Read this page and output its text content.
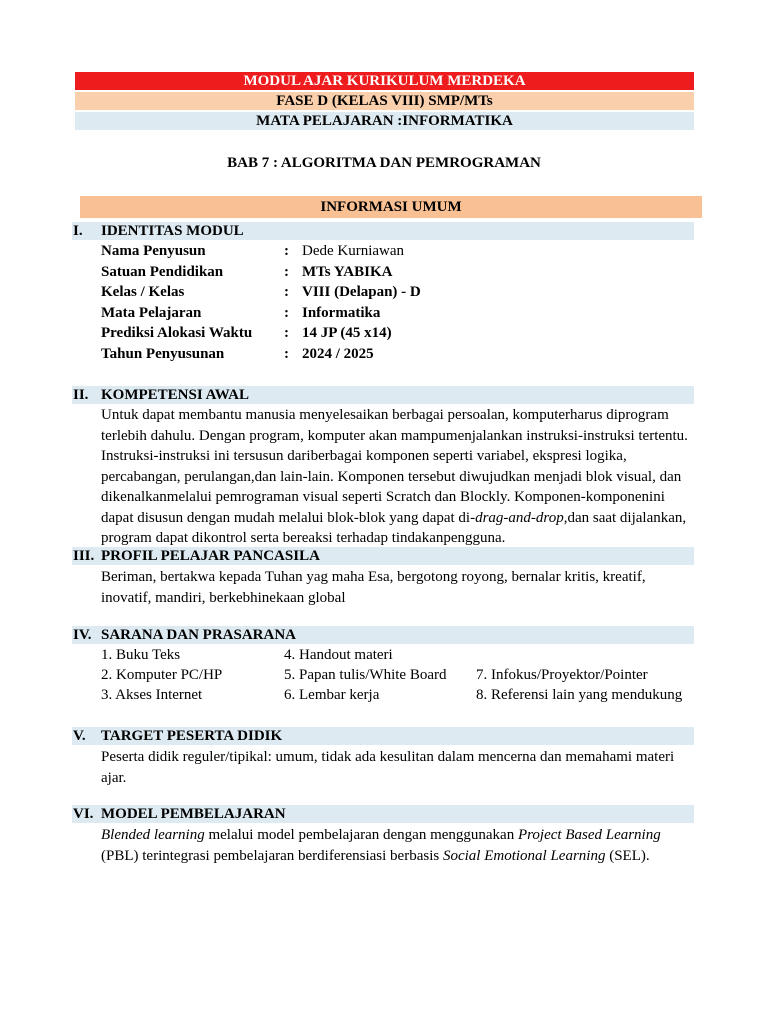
MODUL AJAR KURIKULUM MERDEKA
FASE D (KELAS VIII) SMP/MTs
MATA PELAJARAN :INFORMATIKA
BAB 7 : ALGORITMA DAN PEMROGRAMAN
INFORMASI UMUM
I. IDENTITAS MODUL
Nama Penyusun	: Dede Kurniawan
Satuan Pendidikan	: MTs YABIKA
Kelas / Kelas	: VIII (Delapan) - D
Mata Pelajaran	: Informatika
Prediksi Alokasi Waktu : 14 JP (45 x14)
Tahun Penyusunan	: 2024 / 2025
II. KOMPETENSI AWAL
Untuk dapat membantu manusia menyelesaikan berbagai persoalan, komputerharus diprogram terlebih dahulu. Dengan program, komputer akan mampumenjalankan instruksi-instruksi tertentu. Instruksi-instruksi ini tersusun dariberbagai komponen seperti variabel, ekspresi logika, percabangan, perulangan,dan lain-lain. Komponen tersebut diwujudkan menjadi blok visual, dan dikenalkanmelalui pemrograman visual seperti Scratch dan Blockly. Komponen-komponenini dapat disusun dengan mudah melalui blok-blok yang dapat di-drag-and-drop,dan saat dijalankan, program dapat dikontrol serta bereaksi terhadap tindakanpengguna.
III. PROFIL PELAJAR PANCASILA
Beriman, bertakwa kepada Tuhan yag maha Esa, bergotong royong, bernalar kritis, kreatif, inovatif, mandiri, berkebhinekaan global
IV. SARANA DAN PRASARANA
1. Buku Teks	4. Handout materi
2. Komputer PC/HP	5. Papan tulis/White Board 7. Infokus/Proyektor/Pointer
3. Akses Internet	6. Lembar kerja	8. Referensi lain yang mendukung
V. TARGET PESERTA DIDIK
Peserta didik reguler/tipikal: umum, tidak ada kesulitan dalam mencerna dan memahami materi ajar.
VI. MODEL PEMBELAJARAN
Blended learning melalui model pembelajaran dengan menggunakan Project Based Learning (PBL) terintegrasi pembelajaran berdiferensiasi berbasis Social Emotional Learning (SEL).
